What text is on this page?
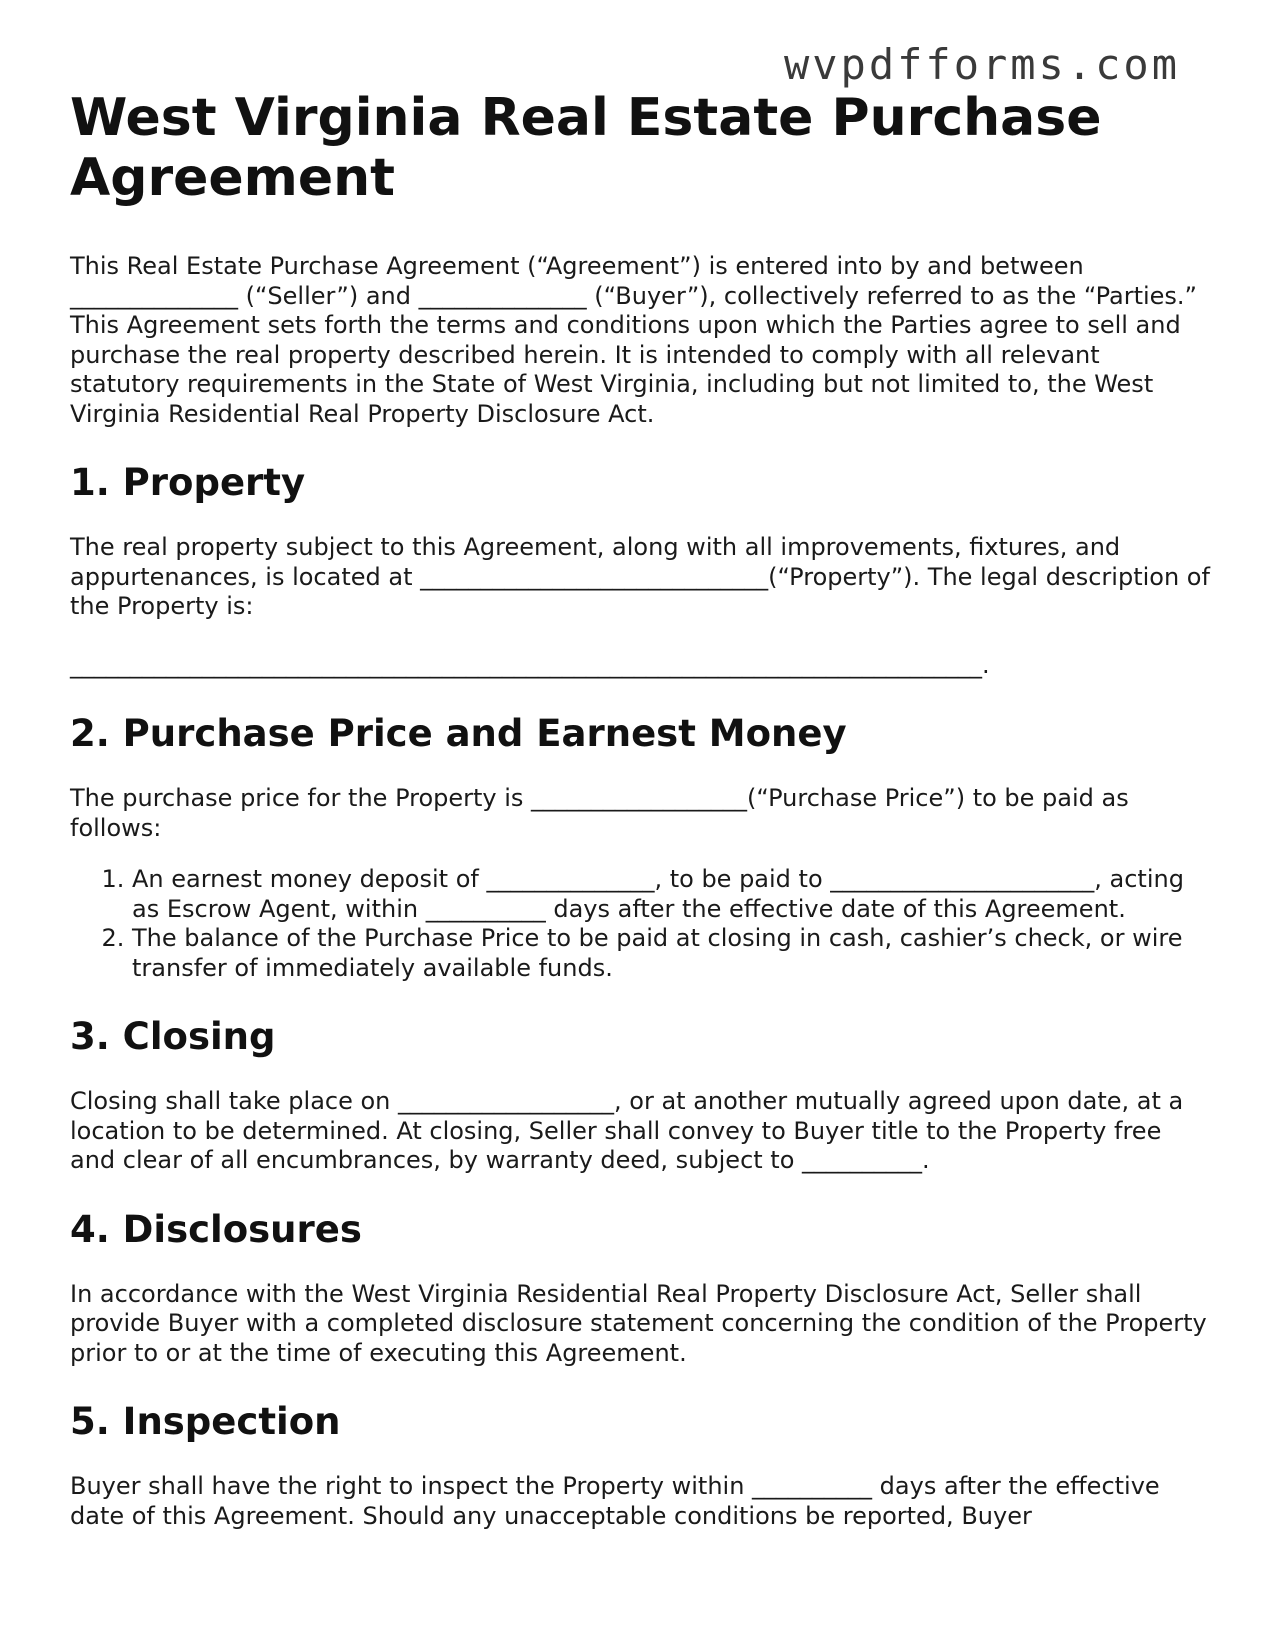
wvpdfforms.com
West Virginia Real Estate Purchase Agreement

This Real Estate Purchase Agreement (“Agreement”) is entered into by and between ______________ (“Seller”) and ______________ (“Buyer”), collectively referred to as the “Parties.” This Agreement sets forth the terms and conditions upon which the Parties agree to sell and purchase the real property described herein. It is intended to comply with all relevant statutory requirements in the State of West Virginia, including but not limited to, the West Virginia Residential Real Property Disclosure Act.

1. Property

The real property subject to this Agreement, along with all improvements, fixtures, and appurtenances, is located at _____________________________(“Property”). The legal description of the Property is:

____________________________________________________________________________.
2. Purchase Price and Earnest Money

The purchase price for the Property is __________________(“Purchase Price”) to be paid as follows:

1. An earnest money deposit of ______________, to be paid to ______________________, acting as Escrow Agent, within __________ days after the effective date of this Agreement.
2. The balance of the Purchase Price to be paid at closing in cash, cashier’s check, or wire transfer of immediately available funds.
3. Closing

Closing shall take place on __________________, or at another mutually agreed upon date, at a location to be determined. At closing, Seller shall convey to Buyer title to the Property free and clear of all encumbrances, by warranty deed, subject to __________.

4. Disclosures

In accordance with the West Virginia Residential Real Property Disclosure Act, Seller shall provide Buyer with a completed disclosure statement concerning the condition of the Property prior to or at the time of executing this Agreement.

5. Inspection

Buyer shall have the right to inspect the Property within __________ days after the effective date of this Agreement. Should any unacceptable conditions be reported, Buyer
